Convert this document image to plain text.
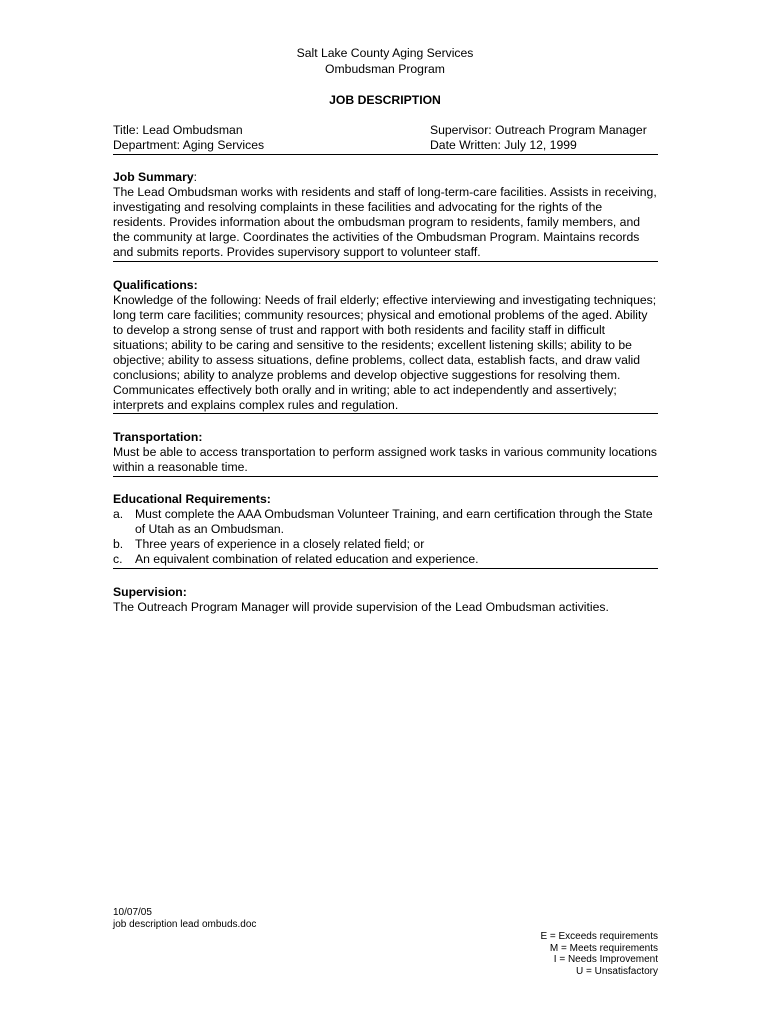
Salt Lake County Aging Services
Ombudsman Program
JOB DESCRIPTION
Title: Lead Ombudsman	Supervisor: Outreach Program Manager
Department: Aging Services	Date Written: July 12, 1999
Job Summary:

The Lead Ombudsman works with residents and staff of long-term-care facilities. Assists in receiving, investigating and resolving complaints in these facilities and advocating for the rights of the residents. Provides information about the ombudsman program to residents, family members, and the community at large. Coordinates the activities of the Ombudsman Program. Maintains records and submits reports. Provides supervisory support to volunteer staff.

Qualifications:

Knowledge of the following: Needs of frail elderly; effective interviewing and investigating techniques; long term care facilities; community resources; physical and emotional problems of the aged. Ability to develop a strong sense of trust and rapport with both residents and facility staff in difficult situations; ability to be caring and sensitive to the residents; excellent listening skills; ability to be objective; ability to assess situations, define problems, collect data, establish facts, and draw valid conclusions; ability to analyze problems and develop objective suggestions for resolving them. Communicates effectively both orally and in writing; able to act independently and assertively; interprets and explains complex rules and regulation.

Transportation:

Must be able to access transportation to perform assigned work tasks in various community locations within a reasonable time.

Educational Requirements:
a. Must complete the AAA Ombudsman Volunteer Training, and earn certification through the State of Utah as an Ombudsman.
b. Three years of experience in a closely related field; or
c.	An equivalent combination of related education and experience.
Supervision:

The Outreach Program Manager will provide supervision of the Lead Ombudsman activities.

10/07/05
job description lead ombuds.doc
E = Exceeds requirements
M = Meets requirements
I = Needs Improvement
U = Unsatisfactory
